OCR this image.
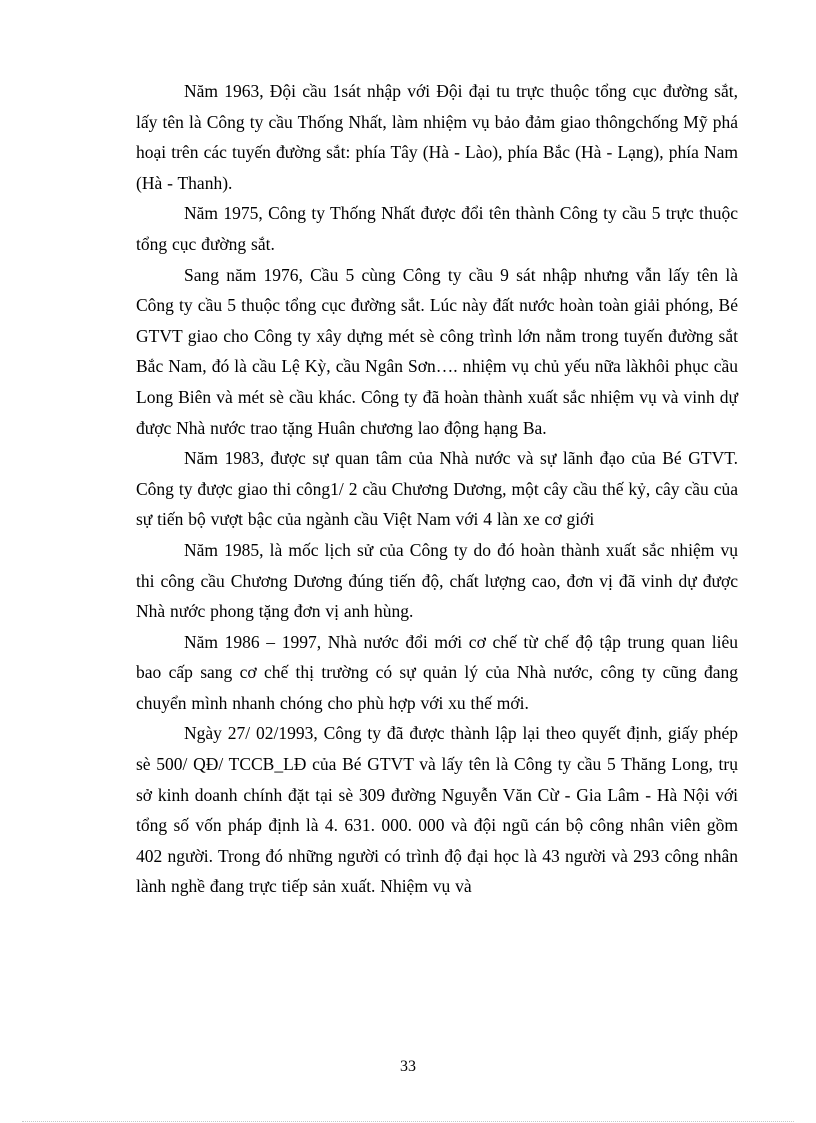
Năm 1963, Đội cầu 1sát nhập với Đội đại tu trực thuộc tổng cục đường sắt, lấy tên là Công ty cầu Thống Nhất, làm nhiệm vụ bảo đảm giao thôngchống Mỹ phá hoại trên các tuyến đường sắt: phía Tây (Hà - Lào), phía Bắc (Hà - Lạng), phía Nam (Hà - Thanh).

Năm 1975, Công ty Thống Nhất được đổi tên thành Công ty cầu 5 trực thuộc tổng cục đường sắt.

Sang năm 1976, Cầu 5 cùng Công ty cầu 9 sát nhập nhưng vẫn lấy tên là Công ty cầu 5 thuộc tổng cục đường sắt. Lúc này đất nước hoàn toàn giải phóng, Bé GTVT giao cho Công ty xây dựng mét sè công trình lớn nằm trong tuyến đường sắt Bắc Nam, đó là cầu Lệ Kỳ, cầu Ngân Sơn…. nhiệm vụ chủ yếu nữa làkhôi phục cầu Long Biên và mét sè cầu khác. Công ty đã hoàn thành xuất sắc nhiệm vụ và vinh dự được Nhà nước trao tặng Huân chương lao động hạng Ba.

Năm 1983, được sự quan tâm của Nhà nước và sự lãnh đạo của Bé GTVT. Công ty được giao thi công1/ 2 cầu Chương Dương, một cây cầu thế kỷ, cây cầu của sự tiến bộ vượt bậc của ngành cầu Việt Nam với 4 làn xe cơ giới

Năm 1985, là mốc lịch sử của Công ty do đó hoàn thành xuất sắc nhiệm vụ thi công cầu Chương Dương đúng tiến độ, chất lượng cao, đơn vị đã vinh dự được Nhà nước phong tặng đơn vị anh hùng.

Năm 1986 – 1997, Nhà nước đổi mới cơ chế từ chế độ tập trung quan liêu bao cấp sang cơ chế thị trường có sự quản lý của Nhà nước, công ty cũng đang chuyển mình nhanh chóng cho phù hợp với xu thế mới.

Ngày 27/ 02/1993, Công ty đã được thành lập lại theo quyết định, giấy phép sè 500/ QĐ/ TCCB_LĐ của Bé GTVT và lấy tên là Công ty cầu 5 Thăng Long, trụ sở kinh doanh chính đặt tại sè 309 đường Nguyễn Văn Cừ - Gia Lâm - Hà Nội với tổng số vốn pháp định là 4. 631. 000. 000 và đội ngũ cán bộ công nhân viên gồm 402 người. Trong đó những người có trình độ đại học là 43 người và 293 công nhân lành nghề đang trực tiếp sản xuất. Nhiệm vụ và

33
